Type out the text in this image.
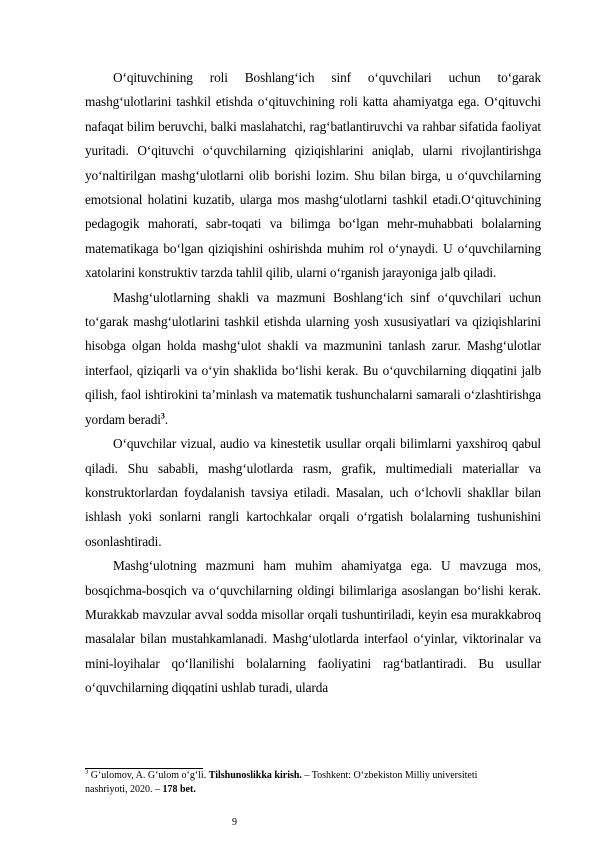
O‘qituvchining roli Boshlang‘ich sinf o‘quvchilari uchun to‘garak mashg‘ulotlarini tashkil etishda o‘qituvchining roli katta ahamiyatga ega. O‘qituvchi nafaqat bilim beruvchi, balki maslahatchi, rag‘batlantiruvchi va rahbar sifatida faoliyat yuritadi. O‘qituvchi o‘quvchilarning qiziqishlarini aniqlab, ularni rivojlantirishga yo‘naltirilgan mashg‘ulotlarni olib borishi lozim. Shu bilan birga, u o‘quvchilarning emotsional holatini kuzatib, ularga mos mashg‘ulotlarni tashkil etadi.O‘qituvchining pedagogik mahorati, sabr-toqati va bilimga bo‘lgan mehr-muhabbati bolalarning matematikaga bo‘lgan qiziqishini oshirishda muhim rol o‘ynaydi. U o‘quvchilarning xatolarini konstruktiv tarzda tahlil qilib, ularni o‘rganish jarayoniga jalb qiladi.

Mashg‘ulotlarning shakli va mazmuni Boshlang‘ich sinf o‘quvchilari uchun to‘garak mashg‘ulotlarini tashkil etishda ularning yosh xususiyatlari va qiziqishlarini hisobga olgan holda mashg‘ulot shakli va mazmunini tanlash zarur. Mashg‘ulotlar interfaol, qiziqarli va o‘yin shaklida bo‘lishi kerak. Bu o‘quvchilarning diqqatini jalb qilish, faol ishtirokini ta’minlash va matematik tushunchalarni samarali o‘zlashtirishga yordam beradi$^3$.

O‘quvchilar vizual, audio va kinestetik usullar orqali bilimlarni yaxshiroq qabul qiladi. Shu sababli, mashg‘ulotlarda rasm, grafik, multimediali materiallar va konstruktorlardan foydalanish tavsiya etiladi. Masalan, uch o‘lchovli shakllar bilan ishlash yoki sonlarni rangli kartochkalar orqali o‘rgatish bolalarning tushunishini osonlashtiradi.

Mashg‘ulotning mazmuni ham muhim ahamiyatga ega. U mavzuga mos, bosqichma-bosqich va o‘quvchilarning oldingi bilimlariga asoslangan bo‘lishi kerak. Murakkab mavzular avval sodda misollar orqali tushuntiriladi, keyin esa murakkabroq masalalar bilan mustahkamlanadi. Mashg‘ulotlarda interfaol o‘yinlar, viktorinalar va mini-loyihalar qo‘llanilishi bolalarning faoliyatini rag‘batlantiradi. Bu usullar o‘quvchilarning diqqatini ushlab turadi, ularda

$^3$ G‘ulomov, A. G‘ulom o‘g‘li. Tilshunoslikka kirish. – Toshkent: O‘zbekiston Milliy universiteti nashriyoti, 2020. – 178 bet.

9
